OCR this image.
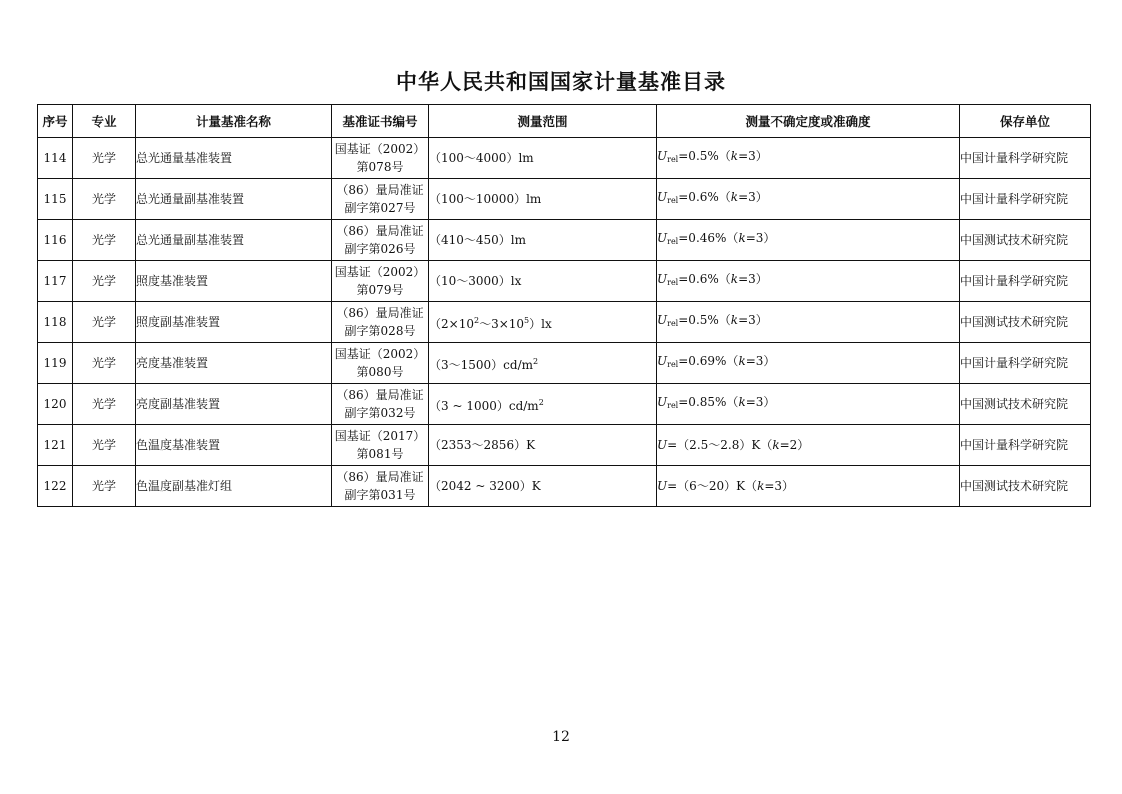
中华人民共和国国家计量基准目录
序号	专业	计量基准名称	基准证书编号	测量范围	测量不确定度或准确度	保存单位
114	光学	总光通量基准装置	国基证（2002）
第078号	（100～4000）lm	$U_{rel}=0.5\%(k=3)$	中国计量科学研究院
115	光学	总光通量副基准装置	（86）量局准证
副字第027号	（100～10000）lm	$U_{rel}=0.6\%(k=3)$	中国计量科学研究院
116	光学	总光通量副基准装置	（86）量局准证
副字第026号	（410～450）lm	$U_{rel}=0.46\%(k=3)$	中国测试技术研究院
117	光学	照度基准装置	国基证（2002）
第079号	（10～3000）lx	$U_{rel}=0.6\%(k=3)$	中国计量科学研究院
118	光学	照度副基准装置	（86）量局准证
副字第028号	$(2\times 10^2\sim 3\times 10^5)lx$	$U_{rel}=0.5\%(k=3)$	中国测试技术研究院
119	光学	亮度基准装置	国基证（2002）
第080号	$(3\sim 1500)cd/m^2$	$U_{rel}=0.69\%(k=3)$	中国计量科学研究院
120	光学	亮度副基准装置	（86）量局准证
副字第032号	（3 ~ $1000)cd/m^2$	$U_{rel}=0.85\%(k=3)$	中国测试技术研究院
121	光学	色温度基准装置	国基证（2017）
第081号	（2353～2856）K	U=（2.5～2.8）K（k=2）	中国计量科学研究院
122	光学	色温度副基准灯组	（86）量局准证
副字第031号	（2042 ~ 3200）K	U=（6～20）K（k=3）	中国测试技术研究院
12
